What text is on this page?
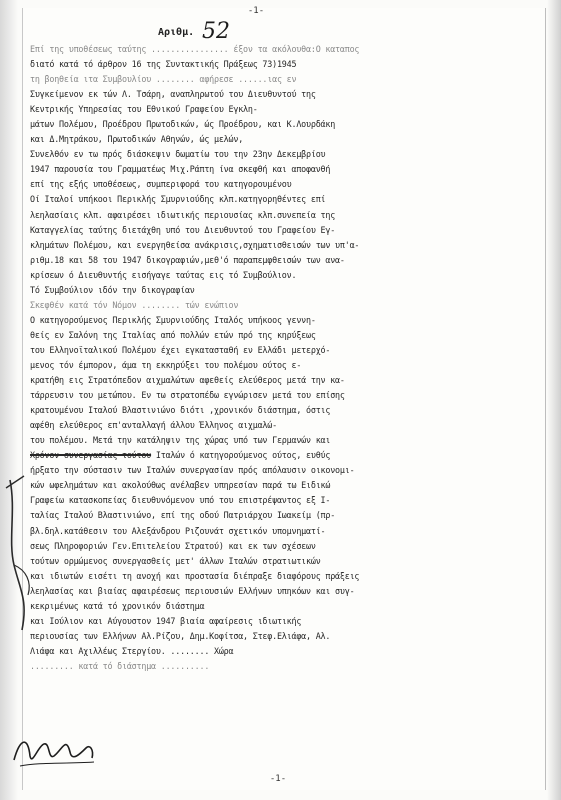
-1-
Αριθμ. 52
Επί της υποθέσεως ταύτης ................ έξον τα ακόλουθα:Ο καταπος
διατό κατά τό άρθρον 16 της Συντακτικής Πράξεως 73)1945
τη βοηθεία ιτα Συμβουλίου ........ αφήρεσε ......ιας εν
Συγκείμενον εκ τών Λ. Τσάρη, αναπληρωτού του Διευθυντού της
Κεντρικής Υπηρεσίας του Εθνικού Γραφείου Εγκλη-
μάτων Πολέμου, Προέδρου Πρωτοδικών, ώς Προέδρου, και Κ.Λουρδάκη
και Δ.Μητράκου, Πρωτοδικών Αθηνών, ώς μελών,
Συνελθόν εν τω πρός διάσκεψιν δωματίω του την 23ην Δεκεμβρίου
1947 παρουσία του Γραμματέως Μιχ.Ράπτη ίνα σκεφθή και αποφανθή
επί της εξής υποθέσεως, συμπεριφορά του κατηγορουμένου
Οί Ιταλοί υπήκοοι Περικλής Σμυρνιούδης κλπ.κατηγορηθέντες επί
λεηλασίαις κλπ. αφαιρέσει ιδιωτικής περιουσίας κλπ.συνεπεία της
Καταγγελίας ταύτης διετάχθη υπό του Διευθυντού του Γραφείου Εγ-
κλημάτων Πολέμου, και ενεργηθείσα ανάκρισις,σχηματισθεισών των υπ'α-
ριθμ.18 και 58 του 1947 δικογραφιών,μεθ'ό παραπεμφθεισών των ανα-
κρίσεων ό Διευθυντής εισήγαγε ταύτας εις τό Συμβούλιον.
Τό Συμβούλιον ιδόν την δικογραφίαν
Σκεφθέν κατά τόν Νόμον ........ τών ενώπιον
Ο κατηγορούμενος Περικλής Σμυρνιούδης Ιταλός υπήκοος γεννη-
θείς εν Σαλόνη της Ιταλίας από πολλών ετών πρό της κηρύξεως
του Ελληνοϊταλικού Πολέμου έχει εγκατασταθή εν Ελλάδι μετερχό-
μενος τόν έμπορον, άμα τη εκκηρύξει του πολέμου ούτος ε-
κρατήθη εις Στρατόπεδον αιχμαλώτων αφεθείς ελεύθερος μετά την κα-
τάρρευσιν του μετώπου. Εν τω στρατοπέδω εγνώρισεν μετά του επίσης
κρατουμένου Ιταλού Βλαστινιώνο διότι ,χρονικόν διάστημα, όστις
αφέθη ελεύθερος επ'ανταλλαγή άλλου Έλληνος αιχμαλώ-
του πολέμου. Μετά την κατάληψιν της χώρας υπό των Γερμανών και
Χρόνον συνεργασίας τούτου Ιταλών ό κατηγορούμενος ούτος, ευθύς
ήρξατο την σύστασιν των Ιταλών συνεργασίαν πρός απόλαυσιν οικονομι-
κών ωφελημάτων και ακολούθως ανέλαβεν υπηρεσίαν παρά τω Ειδικώ
Γραφείω κατασκοπείας διευθυνόμενον υπό του επιστρέψαντος εξ Ι-
ταλίας Ιταλού Βλαστινιώνο, επί της οδού Πατριάρχου Ιωακείμ (πρ-
βλ.δηλ.κατάθεσιν του Αλεξάνδρου Ριζουνάτ σχετικόν υπομνηματί-
σεως Πληροφοριών Γεν.Επιτελείου Στρατού) και εκ των σχέσεων
τούτων ορμώμενος συνεργασθείς μετ' άλλων Ιταλών στρατιωτικών
και ιδιωτών εισέτι τη ανοχή και προστασία διέπραξε διαφόρους πράξεις
λεηλασίας και βιαίας αφαιρέσεως περιουσιών Ελλήνων υπηκόων και συγ-
κεκριμένως κατά τό χρονικόν διάστημα
και Ιούλιον και Αύγουστον 1947 βιαία αφαίρεσις ιδιωτικής
περιουσίας των Ελλήνων Αλ.Ρίζου, Δημ.Κοφίτσα, Στεφ.Ελιάφα, Αλ.
Λιάφα και Αχιλλέως Στεργίου. ........ Χώρα
......... κατά τό διάστημα ..........
-1-
